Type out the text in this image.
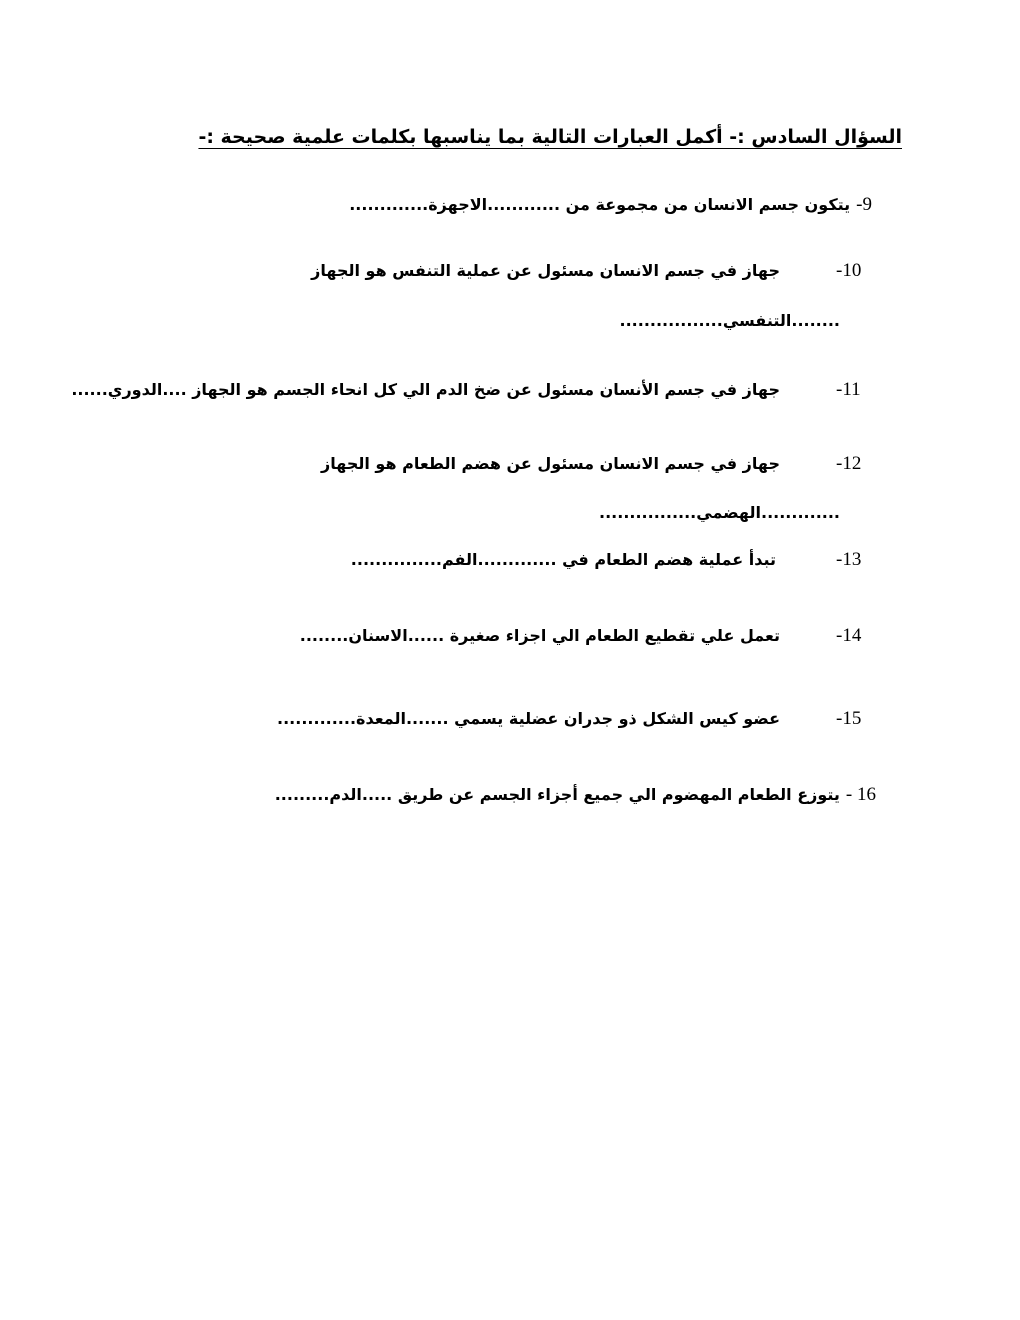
السؤال السادس :- أكمل العبارات التالية بما يناسبها بكلمات علمية صحيحة :-
9-يتكون جسم الانسان من مجموعة من ............الاجهزة.............
-10
جهاز في جسم الانسان مسئول عن عملية التنفس هو الجهاز
........التنفسي.................
-11
جهاز في جسم الأنسان مسئول عن ضخ الدم الي كل انحاء الجسم هو الجهاز ....الدوري......
-12
جهاز في جسم الانسان مسئول عن هضم الطعام هو الجهاز
.............الهضمي................
-13
تبدأ عملية هضم الطعام في .............الفم...............
-14
تعمل علي تقطيع الطعام الي اجزاء صغيرة ......الاسنان........
-15
عضو كيس الشكل ذو جدران عضلية يسمي .......المعدة.............
16 -يتوزع الطعام المهضوم الي جميع أجزاء الجسم عن طريق .....الدم.........
